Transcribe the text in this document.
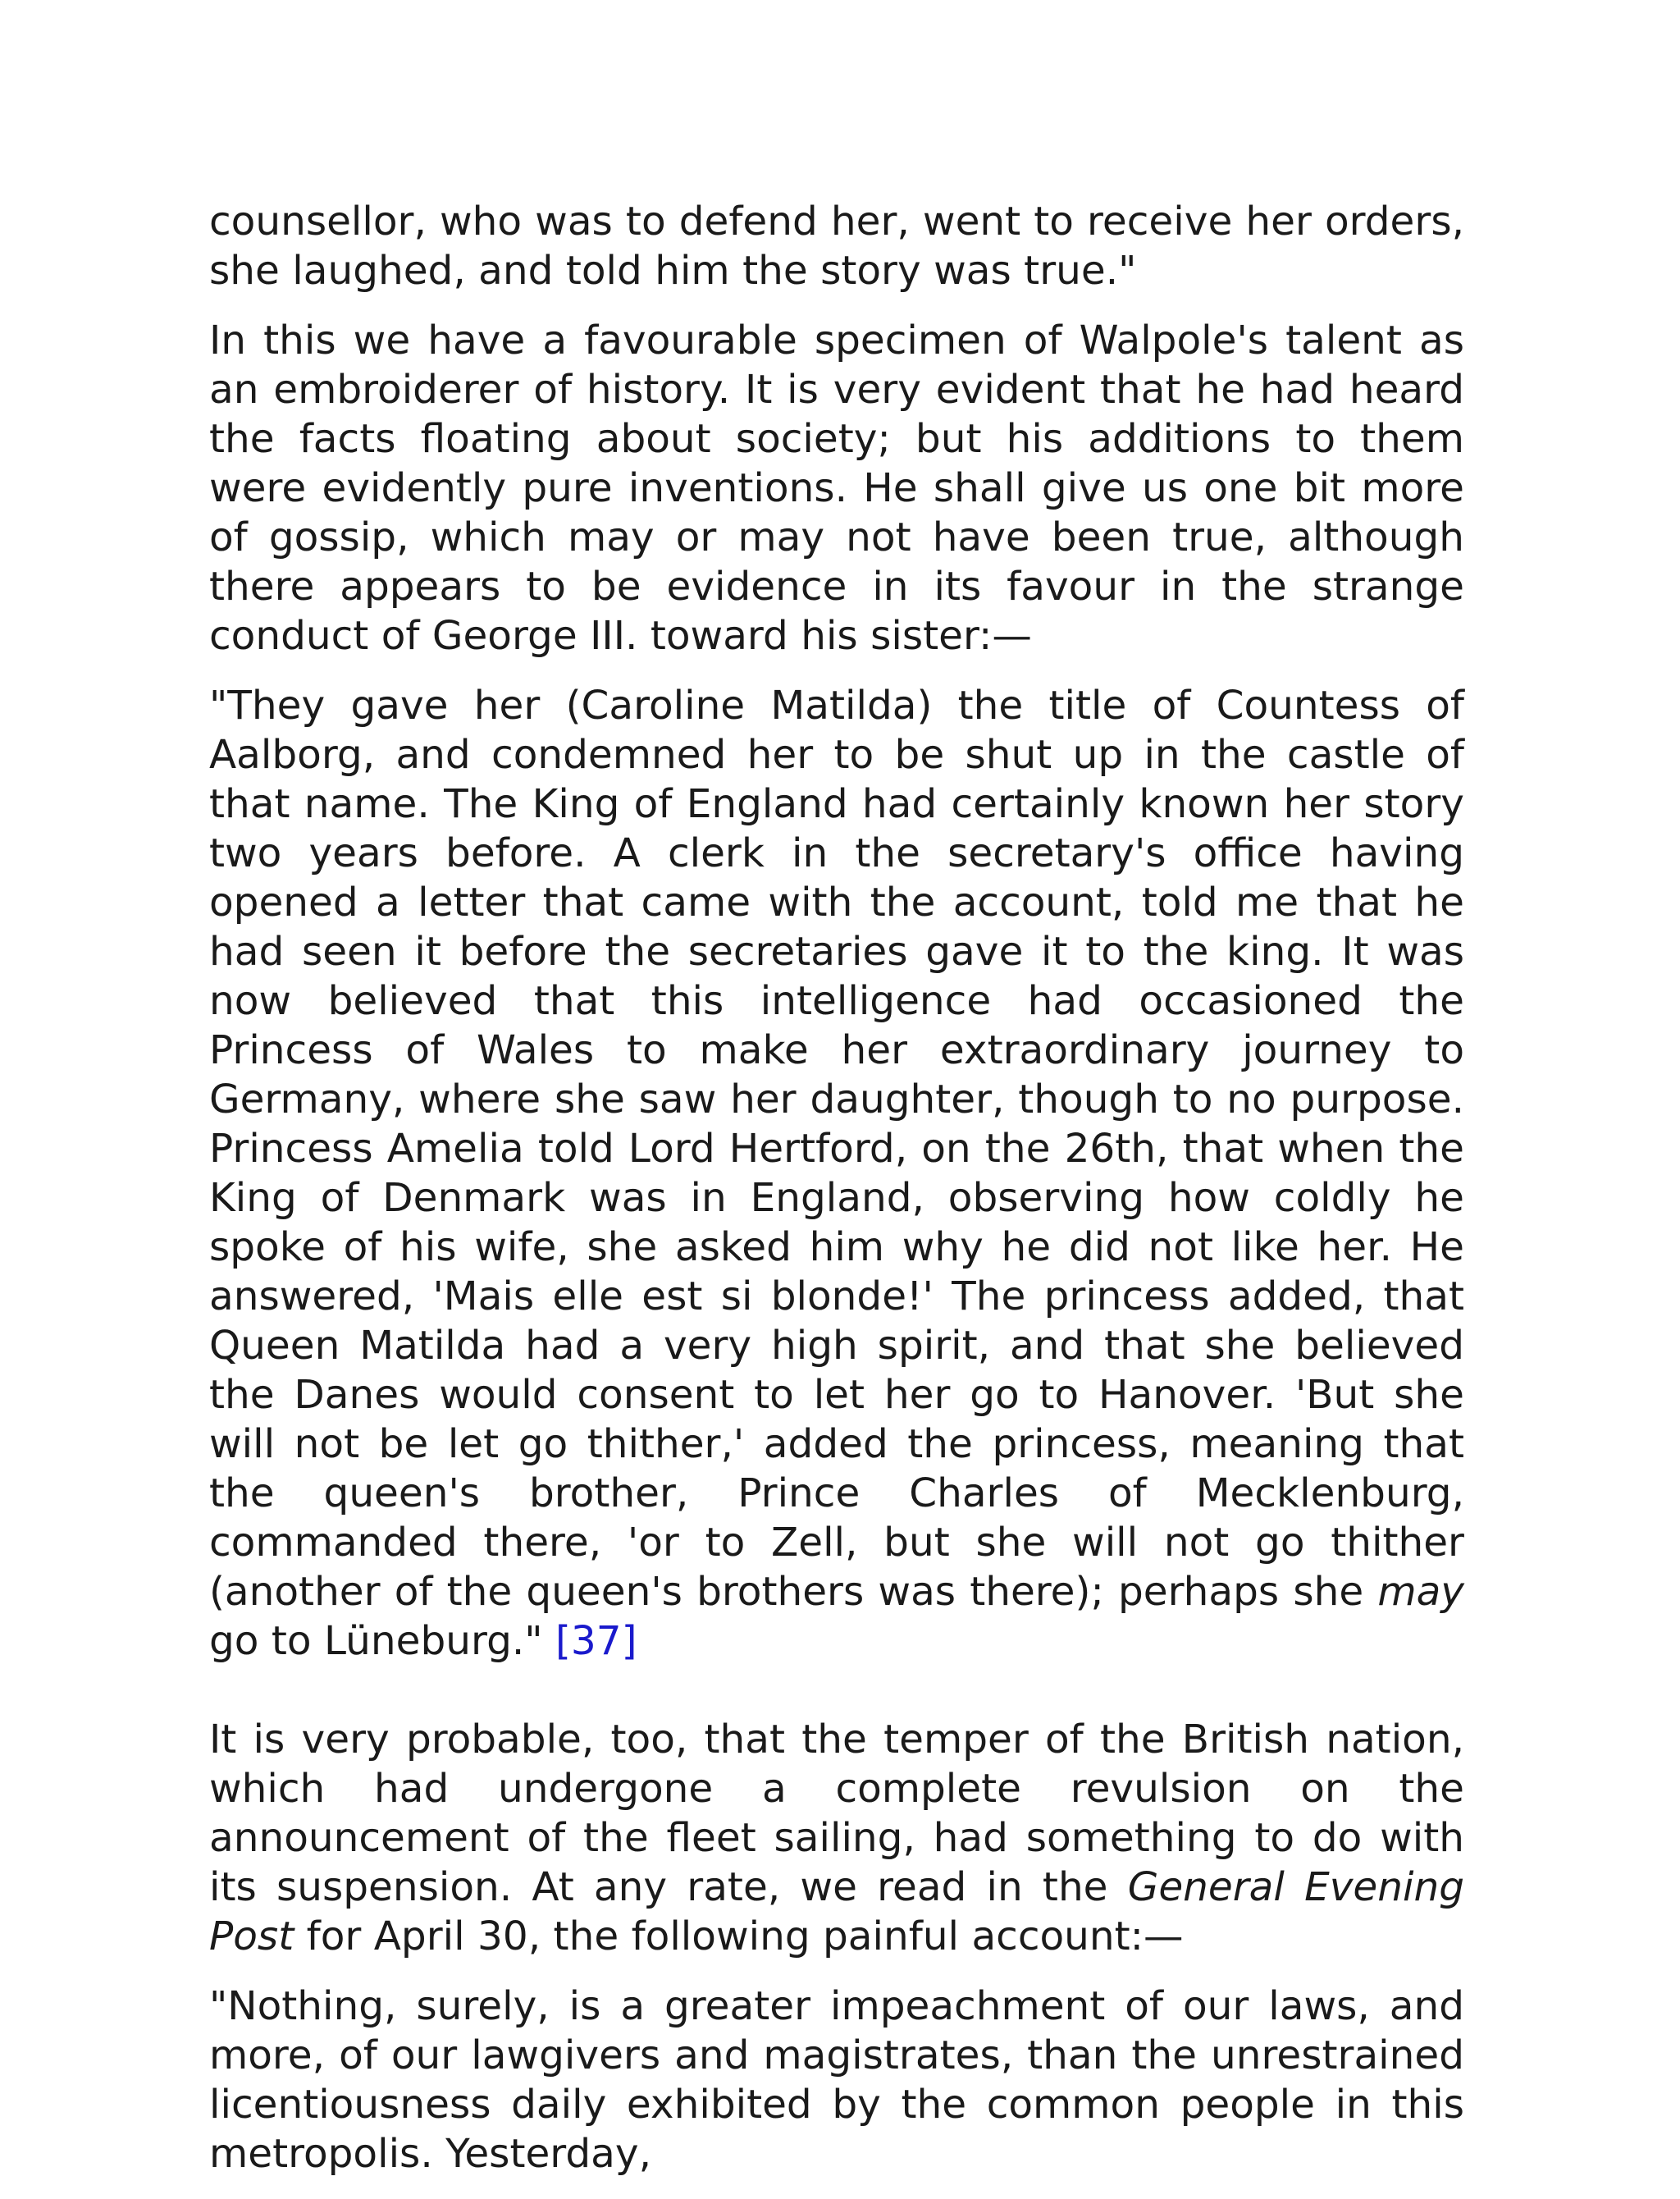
counsellor, who was to defend her, went to receive her orders, she laughed, and told him the story was true."

In this we have a favourable specimen of Walpole's talent as an embroiderer of history. It is very evident that he had heard the facts floating about society; but his additions to them were evidently pure inventions. He shall give us one bit more of gossip, which may or may not have been true, although there appears to be evidence in its favour in the strange conduct of George III. toward his sister:—

"They gave her (Caroline Matilda) the title of Countess of Aalborg, and condemned her to be shut up in the castle of that name. The King of England had certainly known her story two years before. A clerk in the secretary's office having opened a letter that came with the account, told me that he had seen it before the secretaries gave it to the king. It was now believed that this intelligence had occasioned the Princess of Wales to make her extraordinary journey to Germany, where she saw her daughter, though to no purpose. Princess Amelia told Lord Hertford, on the 26th, that when the King of Denmark was in England, observing how coldly he spoke of his wife, she asked him why he did not like her. He answered, 'Mais elle est si blonde!' The princess added, that Queen Matilda had a very high spirit, and that she believed the Danes would consent to let her go to Hanover. 'But she will not be let go thither,' added the princess, meaning that the queen's brother, Prince Charles of Mecklenburg, commanded there, 'or to Zell, but she will not go thither (another of the queen's brothers was there); perhaps she may go to Lüneburg." [37]

It is very probable, too, that the temper of the British nation, which had undergone a complete revulsion on the announcement of the fleet sailing, had something to do with its suspension. At any rate, we read in the General Evening Post for April 30, the following painful account:—

"Nothing, surely, is a greater impeachment of our laws, and more, of our lawgivers and magistrates, than the unrestrained licentiousness daily exhibited by the common people in this metropolis. Yesterday,
